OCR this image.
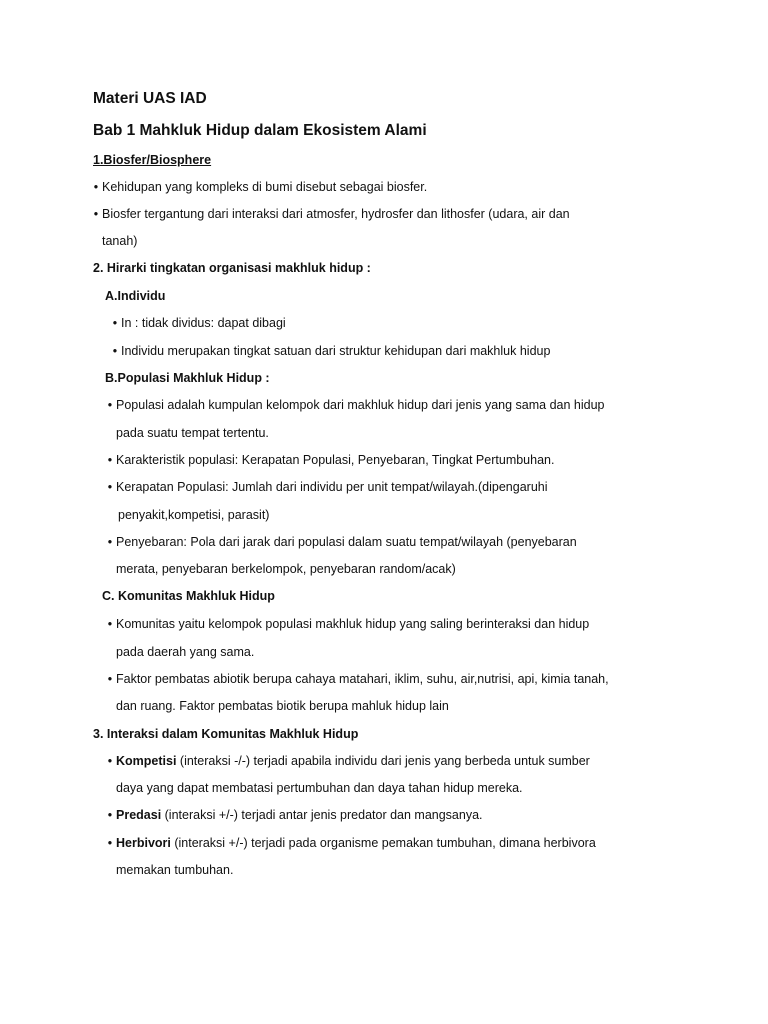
Materi UAS IAD
Bab 1 Mahkluk Hidup dalam Ekosistem Alami
1.Biosfer/Biosphere
• Kehidupan yang kompleks di bumi disebut sebagai biosfer.
• Biosfer tergantung dari interaksi dari atmosfer, hydrosfer dan lithosfer (udara, air dan
tanah)
2. Hirarki tingkatan organisasi makhluk hidup :
A.Individu
• In : tidak dividus: dapat dibagi
• Individu merupakan tingkat satuan dari struktur kehidupan dari makhluk hidup
B.Populasi Makhluk Hidup :
• Populasi adalah kumpulan kelompok dari makhluk hidup dari jenis yang sama dan hidup
pada suatu tempat tertentu.
• Karakteristik populasi: Kerapatan Populasi, Penyebaran, Tingkat Pertumbuhan.
• Kerapatan Populasi: Jumlah dari individu per unit tempat/wilayah.(dipengaruhi
penyakit,kompetisi, parasit)
• Penyebaran: Pola dari jarak dari populasi dalam suatu tempat/wilayah (penyebaran
merata, penyebaran berkelompok, penyebaran random/acak)
C. Komunitas Makhluk Hidup
• Komunitas yaitu kelompok populasi makhluk hidup yang saling berinteraksi dan hidup
pada daerah yang sama.
• Faktor pembatas abiotik berupa cahaya matahari, iklim, suhu, air,nutrisi, api, kimia tanah,
dan ruang. Faktor pembatas biotik berupa mahluk hidup lain
3. Interaksi dalam Komunitas Makhluk Hidup
• Kompetisi (interaksi -/-) terjadi apabila individu dari jenis yang berbeda untuk sumber
daya yang dapat membatasi pertumbuhan dan daya tahan hidup mereka.
• Predasi (interaksi +/-) terjadi antar jenis predator dan mangsanya.
• Herbivori (interaksi +/-) terjadi pada organisme pemakan tumbuhan, dimana herbivora
memakan tumbuhan.
